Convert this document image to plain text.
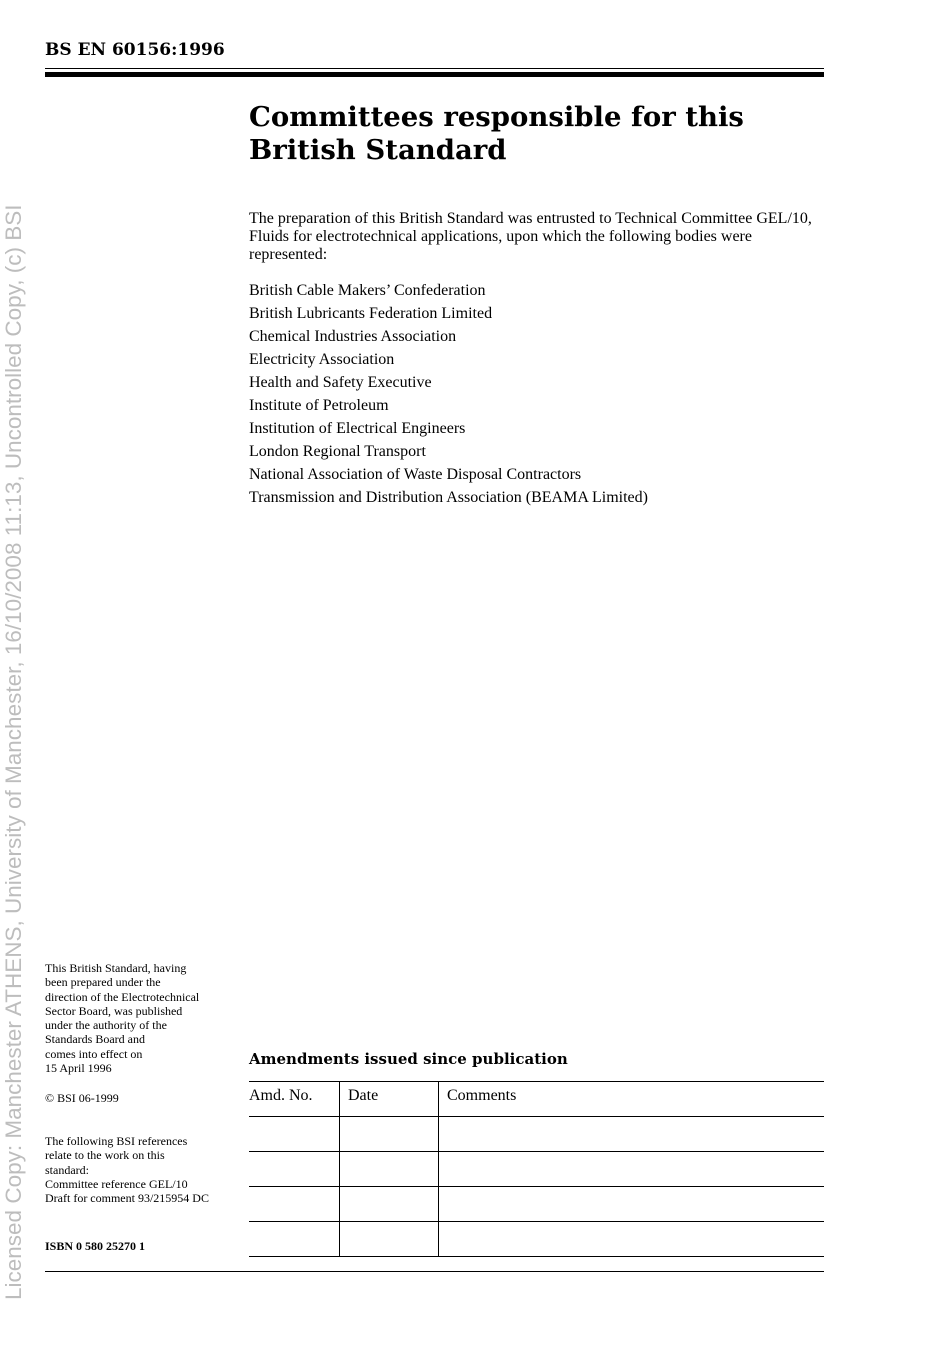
Licensed Copy: Manchester ATHENS, University of Manchester, 16/10/2008 11:13, Uncontrolled Copy, (c) BSI
BS EN 60156:1996
Committees responsible for this
British Standard
The preparation of this British Standard was entrusted to Technical Committee GEL/10, Fluids for electrotechnical applications, upon which the following bodies were represented:
British Cable Makers’ Confederation
British Lubricants Federation Limited
Chemical Industries Association
Electricity Association
Health and Safety Executive
Institute of Petroleum
Institution of Electrical Engineers
London Regional Transport
National Association of Waste Disposal Contractors
Transmission and Distribution Association (BEAMA Limited)
This British Standard, having
been prepared under the
direction of the Electrotechnical
Sector Board, was published
under the authority of the
Standards Board and
comes into effect on
15 April 1996
© BSI 06-1999
The following BSI references
relate to the work on this
standard:
Committee reference GEL/10
Draft for comment 93/215954 DC
ISBN 0 580 25270 1
Amendments issued since publication
Amd. No.	Date	Comments
